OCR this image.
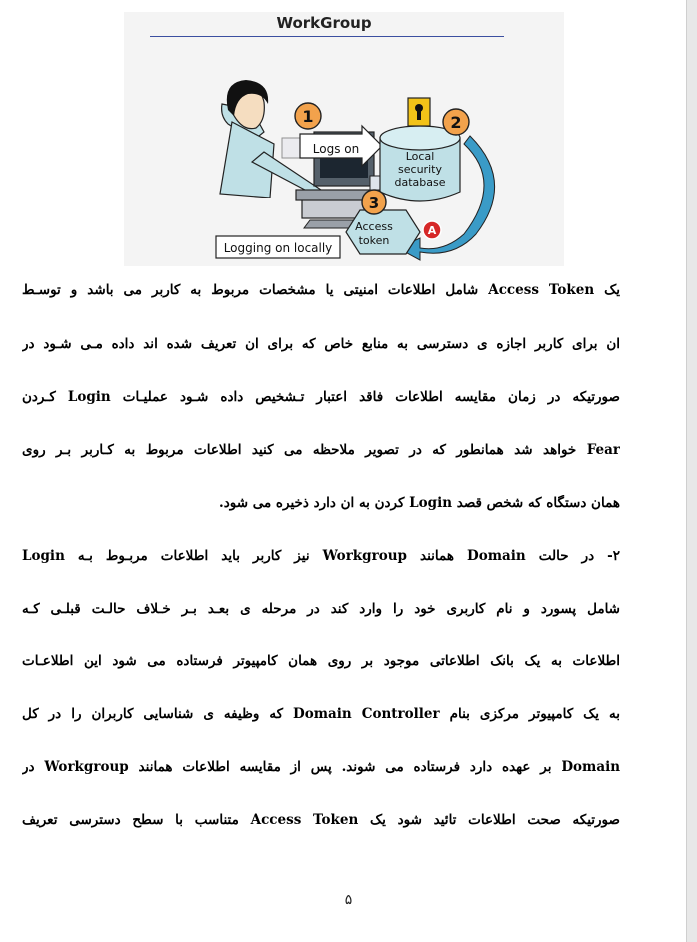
Logs on
1
Local
security
database
2
A
Access
token
3
Logging on locally
WorkGroup
یک Access Token شامل اطلاعات امنیتی یا مشخصات مربوط به کاربر می باشد و توسـط
ان برای کاربر اجازه ی دسترسی به منابع خاص که برای ان تعریف شده اند داده مـی شـود در
صورتیکه در زمان مقایسه اطلاعات فاقد اعتبار تـشخیص داده شـود عملیـات Login کـردن
Fear خواهد شد همانطور که در تصویر ملاحظه می کنید اطلاعات مربوط به کـاربر بـر روی
همان دستگاه که شخص قصد Login کردن به ان دارد ذخیره می شود.
۲- در حالت Domain همانند Workgroup نیز کاربر باید اطلاعات مربـوط بـه Login
شامل پسورد و نام کاربری خود را وارد کند در مرحله ی بعـد بـر خـلاف حالـت قبلـی کـه
اطلاعات به یک بانک اطلاعاتی موجود بر روی همان کامپیوتر فرستاده می شود این اطلاعـات
به یک کامپیوتر مرکزی بنام Domain Controller که وظیفه ی شناسایی کاربران را در کل
Domain بر عهده دارد فرستاده می شوند. پس از مقایسه اطلاعات همانند Workgroup در
صورتیکه صحت اطلاعات تائید شود یک Access Token متناسب با سطح دسترسی تعریف
۵
